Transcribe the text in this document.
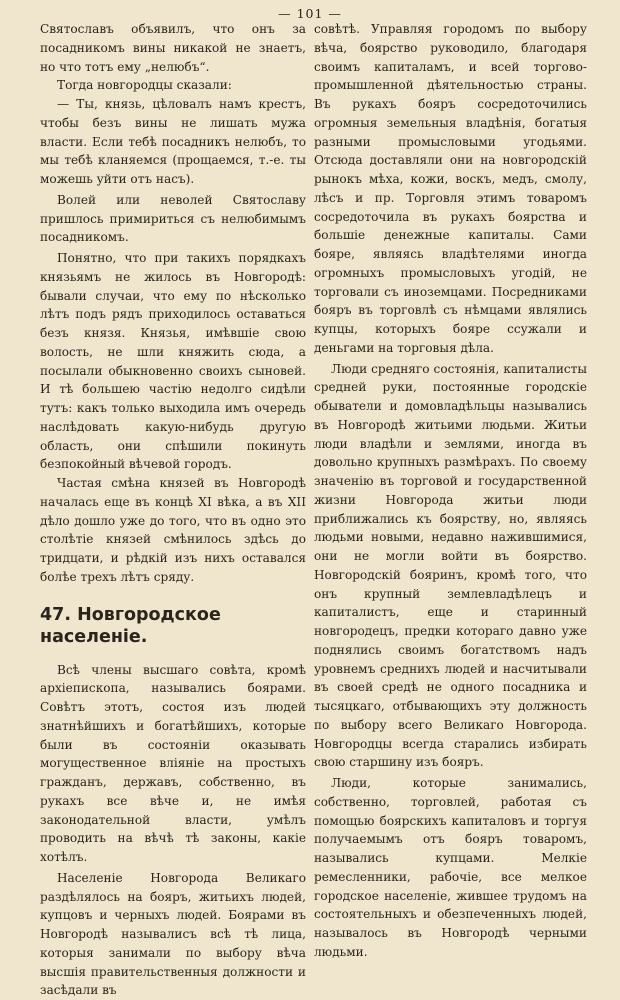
— 101 —

Святославъ объявилъ, что онъ за посадникомъ вины никакой не знаетъ, но что тотъ ему „нелюбъ“.

Тогда новгородцы сказали:

— Ты, князь, цѣловалъ намъ крестъ, чтобы безъ вины не лишать мужа власти. Если тебѣ посадникъ нелюбъ, то мы тебѣ кланяемся (прощаемся, т.-е. ты можешь уйти отъ насъ).

Волей или неволей Святославу пришлось примириться съ нелюбимымъ посадникомъ.

Понятно, что при такихъ порядкахъ князьямъ не жилось въ Новгородѣ: бывали случаи, что ему по нѣсколько лѣтъ подъ рядъ приходилось оставаться безъ князя. Князья, имѣвшіе свою волость, не шли княжить сюда, а посылали обыкновенно своихъ сыновей. И тѣ большею частію недолго сидѣли тутъ: какъ только выходила имъ очередь наслѣдовать какую-нибудь другую область, они спѣшили покинуть безпокойный вѣчевой городъ.

Частая смѣна князей въ Новгородѣ началась еще въ концѣ XI вѣка, а въ XII дѣло дошло уже до того, что въ одно это столѣтіе князей смѣнилось здѣсь до тридцати, и рѣдкій изъ нихъ оставался болѣе трехъ лѣтъ сряду.

47. Новгородское населеніе.

Всѣ члены высшаго совѣта, кромѣ архіепископа, назывались боярами. Совѣтъ этотъ, состоя изъ людей знатнѣйшихъ и богатѣйшихъ, которые были въ состояніи оказывать могущественное вліяніе на простыхъ гражданъ, державъ, собственно, въ рукахъ все вѣче и, не имѣя законодательной власти, умѣлъ проводить на вѣчѣ тѣ законы, какіе хотѣлъ.

Населеніе Новгорода Великаго раздѣлялось на бояръ, житьихъ людей, купцовъ и черныхъ людей. Боярами въ Новгородѣ называлисъ всѣ тѣ лица, которыя занимали по выбору вѣча высшія правительственныя должности и засѣдали въ

совѣтѣ. Управляя городомъ по выбору вѣча, боярство руководило, благодаря своимъ капиталамъ, и всей торгово-промышленной дѣятельностью страны. Въ рукахъ бояръ сосредоточились огромныя земельныя владѣнія, богатыя разными промысловыми угодьями. Отсюда доставляли они на новгородскій рынокъ мѣха, кожи, воскъ, медъ, смолу, лѣсъ и пр. Торговля этимъ товаромъ сосредоточила въ рукахъ боярства и большіе денежные капиталы. Сами бояре, являясь владѣтелями иногда огромныхъ промысловыхъ угодій, не торговали съ иноземцами. Посредниками бояръ въ торговлѣ съ нѣмцами являлись купцы, которыхъ бояре ссужали и деньгами на торговыя дѣла.

Люди средняго состоянія, капиталисты средней руки, постоянные городскіе обыватели и домовладѣльцы назывались въ Новгородѣ житьими людьми. Житьи люди владѣли и землями, иногда въ довольно крупныхъ размѣрахъ. По своему значенію въ торговой и государственной жизни Новгорода житьи люди приближались къ боярству, но, являясь людьми новыми, недавно нажившимися, они не могли войти въ боярство. Новгородскій бояринъ, кромѣ того, что онъ крупный землевладѣлецъ и капиталистъ, еще и старинный новгородецъ, предки котораго давно уже поднялись своимъ богатствомъ надъ уровнемъ среднихъ людей и насчитывали въ своей средѣ не одного посадника и тысяцкаго, отбывающихъ эту должность по выбору всего Великаго Новгорода. Новгородцы всегда старались избирать свою старшину изъ бояръ.

Люди, которые занимались, собственно, торговлей, работая съ помощью боярскихъ капиталовъ и торгуя получаемымъ отъ бояръ товаромъ, назывались купцами. Мелкіе ремесленники, рабочіе, все мелкое городское населеніе, жившее трудомъ на состоятельныхъ и обезпеченныхъ людей, называлось въ Новгородѣ черными людьми.
